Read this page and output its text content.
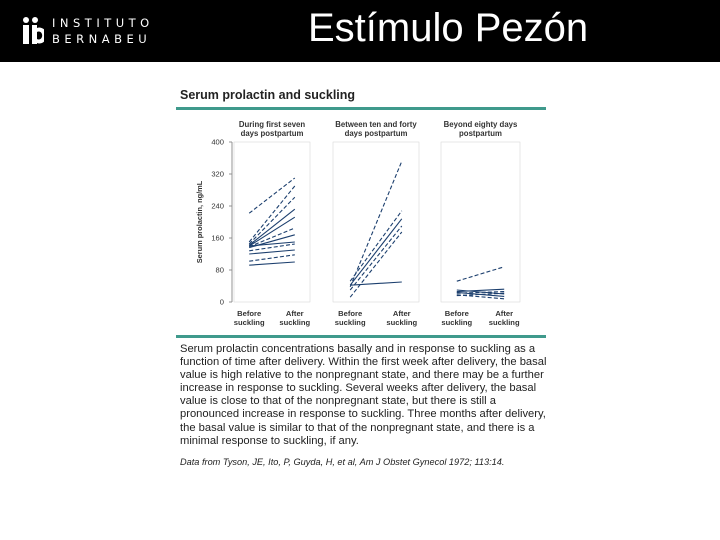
INSTITUTO
BERNABEU	Estímulo Pezón
Serum prolactin and suckling
0
80
160
240
320
400
Serum prolactin, ng/mL
During first seven
days postpartum
Before
suckling
After
suckling
Between ten and forty
days postpartum
Before
suckling
After
suckling
Beyond eighty days
postpartum
Before
suckling
After
suckling
Serum prolactin concentrations basally and in response to suckling as a function of time after delivery. Within the first week after delivery, the basal value is high relative to the nonpregnant state, and there may be a further increase in response to suckling. Several weeks after delivery, the basal value is close to that of the nonpregnant state, but there is still a pronounced increase in response to suckling. Three months after delivery, the basal value is similar to that of the nonpregnant state, and there is a minimal response to suckling, if any.
Data from Tyson, JE, Ito, P, Guyda, H, et al, Am J Obstet Gynecol 1972; 113:14.
